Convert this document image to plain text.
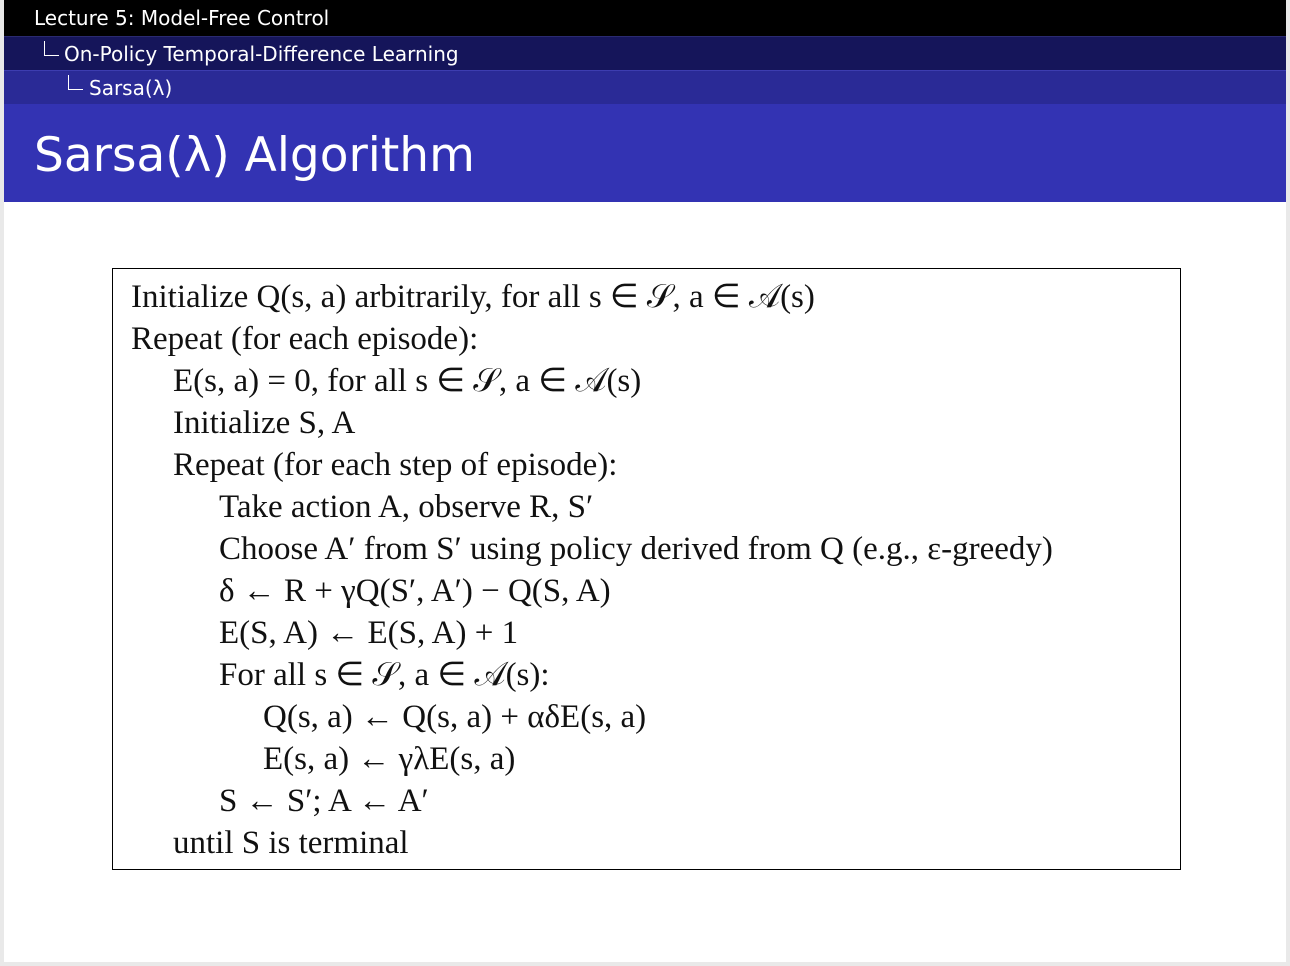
Lecture 5: Model-Free Control
On-Policy Temporal-Difference Learning
Sarsa(λ)
Sarsa(λ) Algorithm
Initialize Q(s, a) arbitrarily, for all s ∈ 𝒮, a ∈ 𝒜(s)
Repeat (for each episode):
E(s, a) = 0, for all s ∈ 𝒮, a ∈ 𝒜(s)
Initialize S, A
Repeat (for each step of episode):
Take action A, observe R, S′
Choose A′ from S′ using policy derived from Q (e.g., ε-greedy)
δ ← R + γQ(S′, A′) − Q(S, A)
E(S, A) ← E(S, A) + 1
For all s ∈ 𝒮, a ∈ 𝒜(s):
Q(s, a) ← Q(s, a) + αδE(s, a)
E(s, a) ← γλE(s, a)
S ← S′; A ← A′
until S is terminal
